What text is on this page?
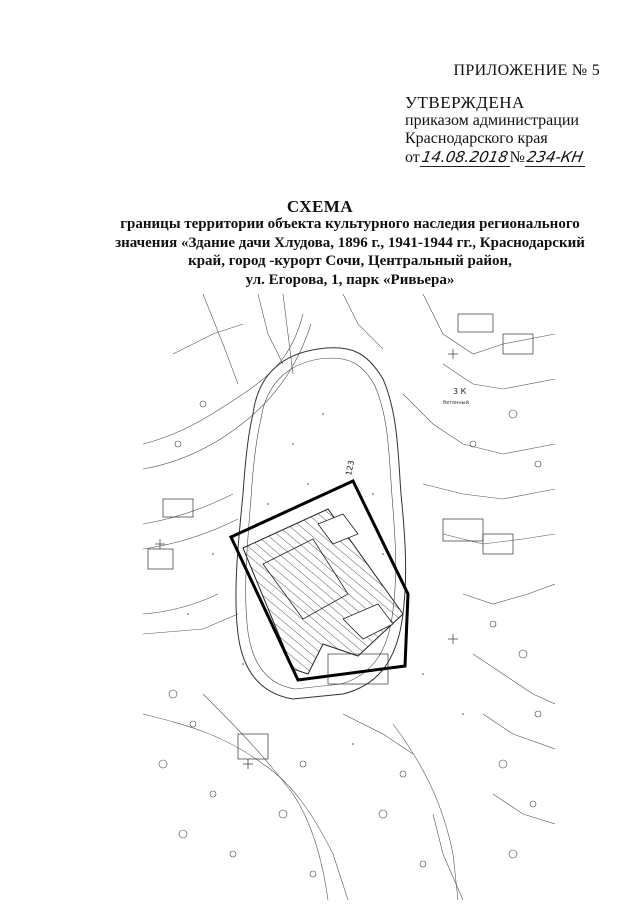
ПРИЛОЖЕНИЕ № 5
УТВЕРЖДЕНА
приказом администрации
Краснодарского края
от14.08.2018№234-КН
СХЕМА
границы территории объекта культурного наследия регионального
значения «Здание дачи Хлудова, 1896 г., 1941-1944 гг., Краснодарский
край, город -курорт Сочи, Центральный район,
ул. Егорова, 1, парк «Ривьера»
123
3 К
бетонный
